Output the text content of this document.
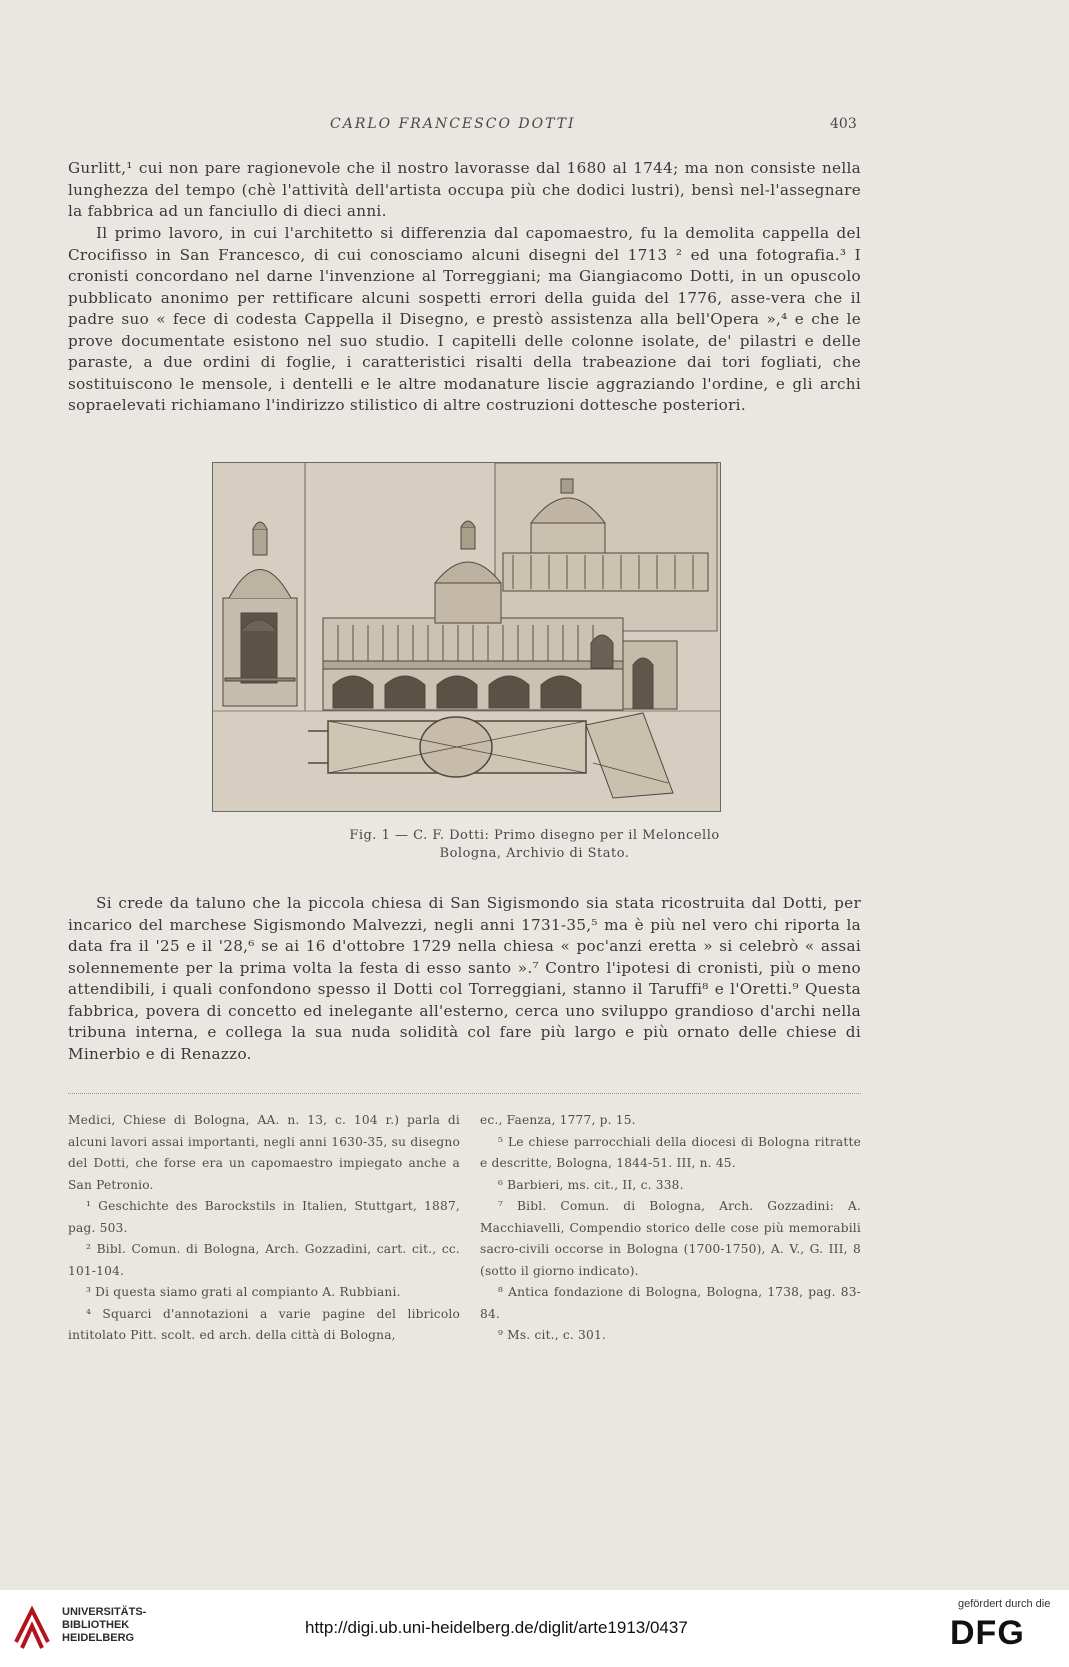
CARLO FRANCESCO DOTTI	403

Gurlitt,¹ cui non pare ragionevole che il nostro lavorasse dal 1680 al 1744; ma non consiste nella lunghezza del tempo (chè l'attività dell'artista occupa più che dodici lustri), bensì nel-l'assegnare la fabbrica ad un fanciullo di dieci anni.

Il primo lavoro, in cui l'architetto si differenzia dal capomaestro, fu la demolita cappella del Crocifisso in San Francesco, di cui conosciamo alcuni disegni del 1713 ² ed una fotografia.³ I cronisti concordano nel darne l'invenzione al Torreggiani; ma Giangiacomo Dotti, in un opuscolo pubblicato anonimo per rettificare alcuni sospetti errori della guida del 1776, asse-vera che il padre suo « fece di codesta Cappella il Disegno, e prestò assistenza alla bell'Opera »,⁴ e che le prove documentate esistono nel suo studio. I capitelli delle colonne isolate, de' pilastri e delle paraste, a due ordini di foglie, i caratteristici risalti della trabeazione dai tori fogliati, che sostituiscono le mensole, i dentelli e le altre modanature liscie aggraziando l'ordine, e gli archi sopraelevati richiamano l'indirizzo stilistico di altre costruzioni dottesche posteriori.

Fig. 1 — C. F. Dotti: Primo disegno per il Meloncello
Bologna, Archivio di Stato.

Si crede da taluno che la piccola chiesa di San Sigismondo sia stata ricostruita dal Dotti, per incarico del marchese Sigismondo Malvezzi, negli anni 1731-35,⁵ ma è più nel vero chi riporta la data fra il '25 e il '28,⁶ se ai 16 d'ottobre 1729 nella chiesa « poc'anzi eretta » si celebrò « assai solennemente per la prima volta la festa di esso santo ».⁷ Contro l'ipotesi di cronisti, più o meno attendibili, i quali confondono spesso il Dotti col Torreggiani, stanno il Taruffi⁸ e l'Oretti.⁹ Questa fabbrica, povera di concetto ed inelegante all'esterno, cerca uno sviluppo grandioso d'archi nella tribuna interna, e collega la sua nuda solidità col fare più largo e più ornato delle chiese di Minerbio e di Renazzo.

Medici, Chiese di Bologna, AA. n. 13, c. 104 r.) parla di alcuni lavori assai importanti, negli anni 1630-35, su disegno del Dotti, che forse era un capomaestro impiegato anche a San Petronio.

¹ Geschichte des Barockstils in Italien, Stuttgart, 1887, pag. 503.

² Bibl. Comun. di Bologna, Arch. Gozzadini, cart. cit., cc. 101-104.

³ Di questa siamo grati al compianto A. Rubbiani.

⁴ Squarci d'annotazioni a varie pagine del libricolo intitolato Pitt. scolt. ed arch. della città di Bologna,

ec., Faenza, 1777, p. 15.

⁵ Le chiese parrocchiali della diocesi di Bologna ritratte e descritte, Bologna, 1844-51. III, n. 45.

⁶ Barbieri, ms. cit., II, c. 338.

⁷ Bibl. Comun. di Bologna, Arch. Gozzadini: A. Macchiavelli, Compendio storico delle cose più memorabili sacro-civili occorse in Bologna (1700-1750), A. V., G. III, 8 (sotto il giorno indicato).

⁸ Antica fondazione di Bologna, Bologna, 1738, pag. 83-84.

⁹ Ms. cit., c. 301.

UNIVERSITÄTS-
BIBLIOTHEK
HEIDELBERG
http://digi.ub.uni-heidelberg.de/diglit/arte1913/0437
gefördert durch die
DFG
